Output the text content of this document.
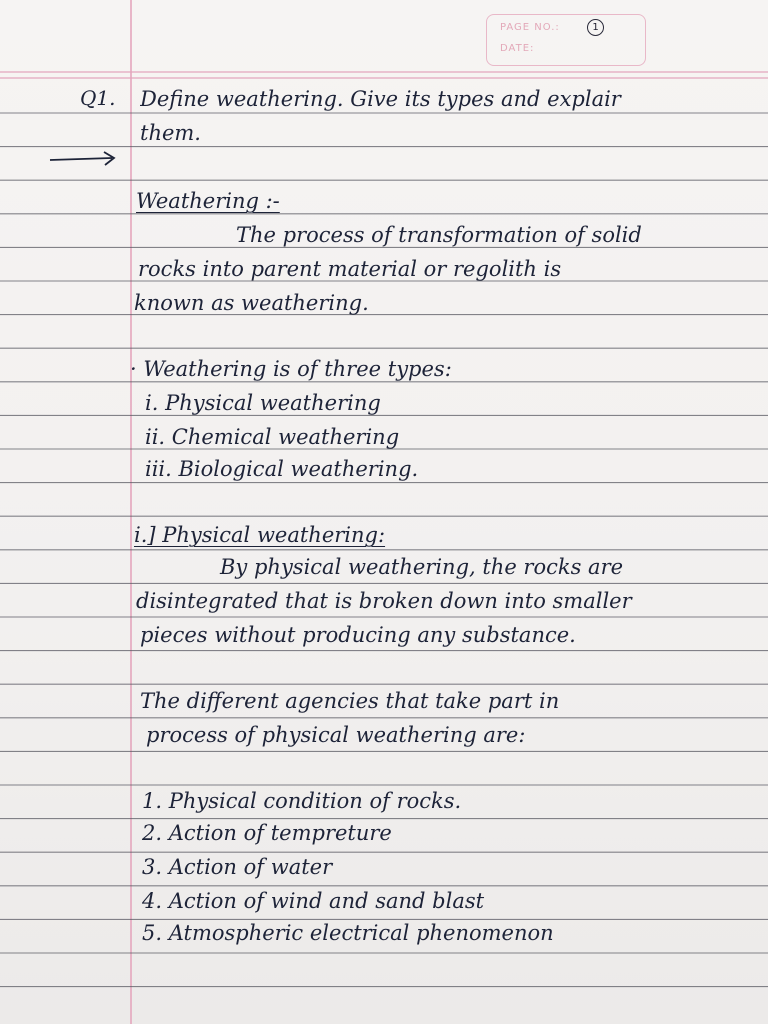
PAGE NO.:
DATE:
1
Q1. Define weathering. Give its types and explair
them.
Weathering :-
The process of transformation of solid
rocks into parent material or regolith is
known as weathering.
· Weathering is of three types:
i. Physical weathering
ii. Chemical weathering
iii. Biological weathering.
i.] Physical weathering:
By physical weathering, the rocks are
disintegrated that is broken down into smaller
pieces without producing any substance.
The different agencies that take part in
process of physical weathering are:
1. Physical condition of rocks.
2. Action of tempreture
3. Action of water
4. Action of wind and sand blast
5. Atmospheric electrical phenomenon
